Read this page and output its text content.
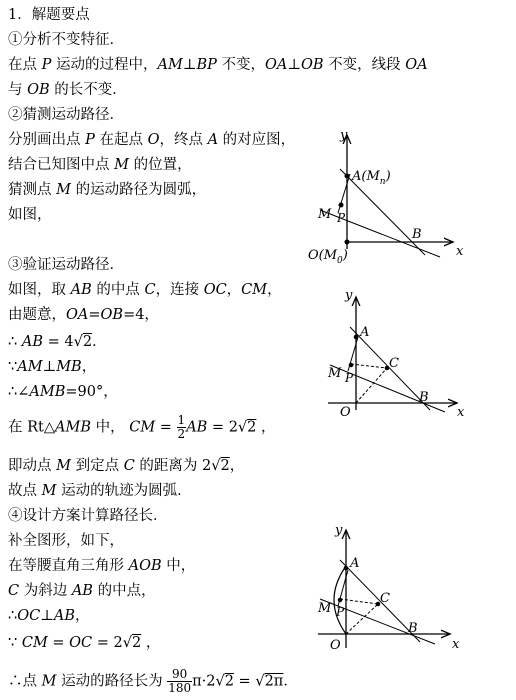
1．解题要点
①分析不变特征．
在点 P 运动的过程中，AM⊥BP 不变，OA⊥OB 不变，线段 OA
与 OB 的长不变．
②猜测运动路径．
分别画出点 P 在起点 O，终点 A 的对应图，
结合已知图中点 M 的位置，
猜测点 M 的运动路径为圆弧，
如图，
③验证运动路径．
如图，取 AB 的中点 C，连接 OC，CM，
由题意，OA=OB=4，
∴ AB = 4√2．
∵AM⊥MB，
∴∠AMB=90°，
在 Rt△AMB 中， CM = $\frac{1}{2}$ AB = 2√2 ，
即动点 M 到定点 C 的距离为 2√2，
故点 M 运动的轨迹为圆弧．
④设计方案计算路径长．
补全图形，如下，
在等腰直角三角形 AOB 中，
C 为斜边 AB 的中点，
∴OC⊥AB，
∵ CM = OC = 2√2 ，
∴点 M 运动的路径长为 $\frac{90}{180} \pi\cdot 2√2 = √2\pi$．
y
x
$A(M_n)$
M P
B
$O(M_0)$
y
x
A
M P
C
O
B
y
x
A
M P
C
O
B
